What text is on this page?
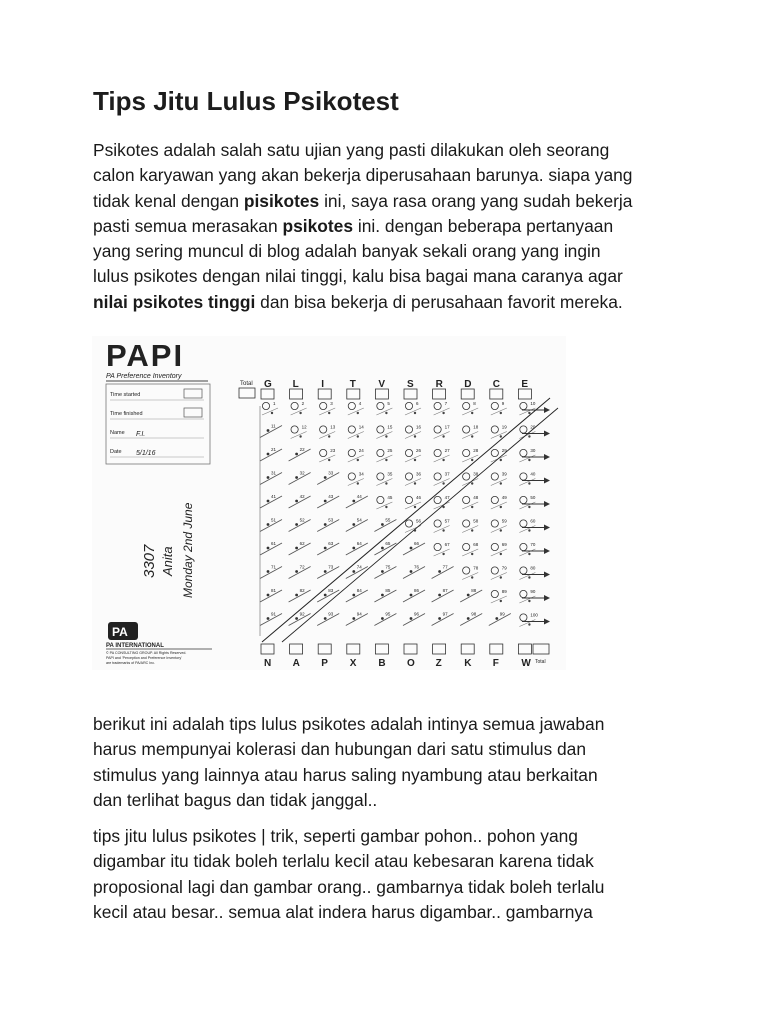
Tips Jitu Lulus Psikotest

Psikotes adalah salah satu ujian yang pasti dilakukan oleh seorang
calon karyawan yang akan bekerja diperusahaan barunya. siapa yang
tidak kenal dengan pisikotes ini, saya rasa orang yang sudah bekerja
pasti semua merasakan psikotes ini. dengan beberapa pertanyaan
yang sering muncul di blog adalah banyak sekali orang yang ingin
lulus psikotes dengan nilai tinggi, kalu bisa bagai mana caranya agar
nilai psikotes tinggi dan bisa bekerja di perusahaan favorit mereka.

PAPI
PA Preference Inventory
Time started
Time finished
Name F.I.
Date 5/1/16
3307 Anita Monday 2nd June
PA
PA INTERNATIONAL
© PA CONSULTING GROUP. All Rights Reserved.
PAPI and 'Perception and Preference Inventory'
are trademarks of PA/ARC Inc.
Total G L I	T V S R D C E
1	2	3	4	5	6	7	8	9	10
11	12	13	14	15	16	17	18	19	20
21	22	23	24	25	26	27	28	29	30
31	32	33	34	35	36	37	38	39	40
41	42	43	44	45	46	47	48	49	50
51	52	53	54	55	56	57	58	59	60
61	62	63	64	65	66	67	68	69	70
71	72	73	74	75	76	77	78	79	80
81	82	83	84	85	86	87	88	89	90
91	92	93	94	95	96	97	98	99	100
N A P X B O Z K F W Total

berikut ini adalah tips lulus psikotes adalah intinya semua jawaban
harus mempunyai kolerasi dan hubungan dari satu stimulus dan
stimulus yang lainnya atau harus saling nyambung atau berkaitan
dan terlihat bagus dan tidak janggal..

tips jitu lulus psikotes | trik, seperti gambar pohon.. pohon yang
digambar itu tidak boleh terlalu kecil atau kebesaran karena tidak
proposional lagi dan gambar orang.. gambarnya tidak boleh terlalu
kecil atau besar.. semua alat indera harus digambar.. gambarnya
